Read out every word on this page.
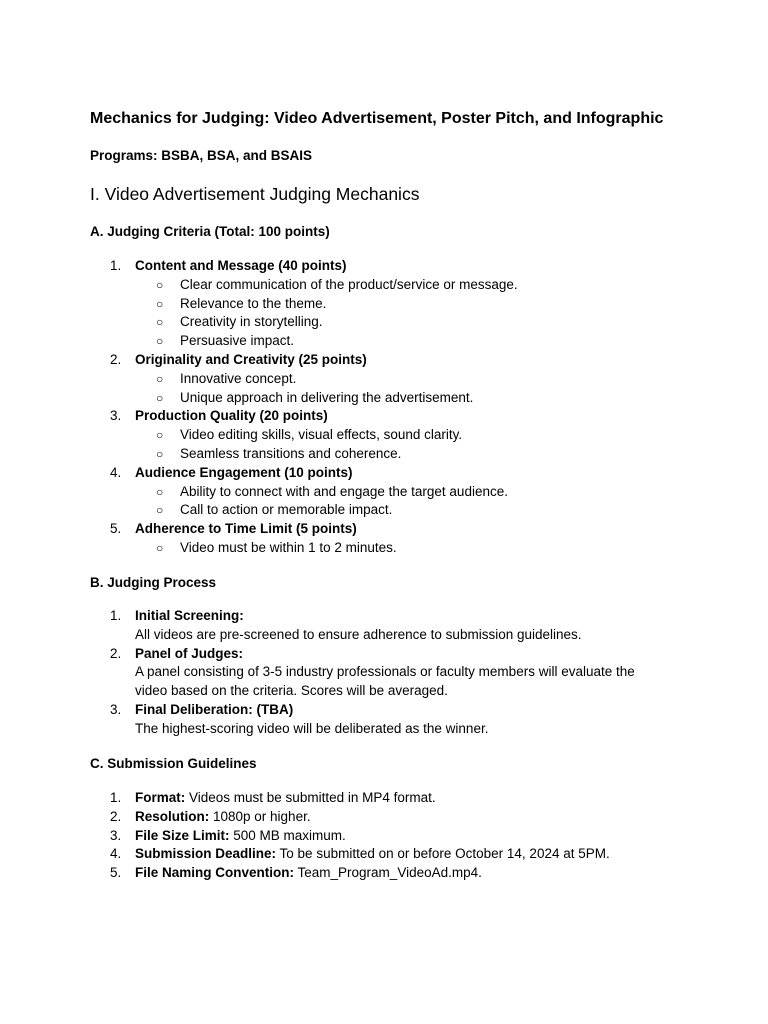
Mechanics for Judging: Video Advertisement, Poster Pitch, and Infographic
Programs: BSBA, BSA, and BSAIS
I. Video Advertisement Judging Mechanics
A. Judging Criteria (Total: 100 points)
1. Content and Message (40 points)
○ Clear communication of the product/service or message.
○ Relevance to the theme.
○ Creativity in storytelling.
○ Persuasive impact.
2. Originality and Creativity (25 points)
○ Innovative concept.
○ Unique approach in delivering the advertisement.
3. Production Quality (20 points)
○ Video editing skills, visual effects, sound clarity.
○ Seamless transitions and coherence.
4. Audience Engagement (10 points)
○ Ability to connect with and engage the target audience.
○ Call to action or memorable impact.
5. Adherence to Time Limit (5 points)
○ Video must be within 1 to 2 minutes.
B. Judging Process
1. Initial Screening:
All videos are pre-screened to ensure adherence to submission guidelines.
2. Panel of Judges:
A panel consisting of 3-5 industry professionals or faculty members will evaluate the
video based on the criteria. Scores will be averaged.
3. Final Deliberation: (TBA)
The highest-scoring video will be deliberated as the winner.
C. Submission Guidelines
1. Format: Videos must be submitted in MP4 format.
2. Resolution: 1080p or higher.
3. File Size Limit: 500 MB maximum.
4. Submission Deadline: To be submitted on or before October 14, 2024 at 5PM.
5. File Naming Convention: Team_Program_VideoAd.mp4.
